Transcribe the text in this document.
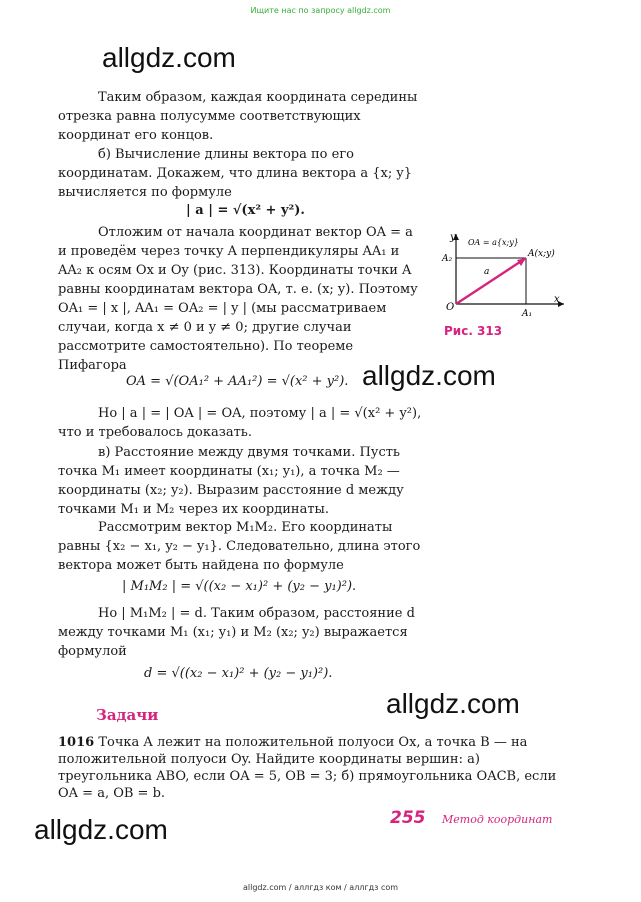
Ищите нас по запросу allgdz.com
allgdz.com

Таким образом, каждая координата середины отрезка равна полусумме соответствующих координат его концов.

б) Вычисление длины вектора по его координатам. Докажем, что длина вектора a {x; y} вычисляется по формуле

| a | = √(x² + y²).

Отложим от начала координат вектор OA = a и проведём через точку A перпендикуляры AA₁ и AA₂ к осям Ox и Oy (рис. 313). Координаты точки A равны координатам вектора OA, т. е. (x; y). Поэтому OA₁ = | x |, AA₁ = OA₂ = | y | (мы рассматриваем случаи, когда x ≠ 0 и y ≠ 0; другие случаи рассмотрите самостоятельно). По теореме Пифагора

y
x
O
A₂
A₁
A(x;y)
a
OA = a{x;y}
Рис. 313
OA = √(OA₁² + AA₁²) = √(x² + y²). allgdz.com

Но | a | = | OA | = OA, поэтому | a | = √(x² + y²), что и требовалось доказать.

в) Расстояние между двумя точками. Пусть точка M₁ имеет координаты (x₁; y₁), а точка M₂ — координаты (x₂; y₂). Выразим расстояние d между точками M₁ и M₂ через их координаты.

Рассмотрим вектор M₁M₂. Его координаты равны {x₂ − x₁, y₂ − y₁}. Следовательно, длина этого вектора может быть найдена по формуле

| M₁M₂ | = √((x₂ − x₁)² + (y₂ − y₁)²).

Но | M₁M₂ | = d. Таким образом, расстояние d между точками M₁ (x₁; y₁) и M₂ (x₂; y₂) выражается формулой

d = √((x₂ − x₁)² + (y₂ − y₁)²).
allgdz.com
Задачи
1016 Точка A лежит на положительной полуоси Ox, а точка B — на положительной полуоси Oy. Найдите координаты вершин: а) треугольника ABO, если OA = 5, OB = 3; б) прямоугольника OACB, если OA = a, OB = b.
allgdz.com	255 Метод координат
allgdz.com / аллгдз ком / аллгдз com
